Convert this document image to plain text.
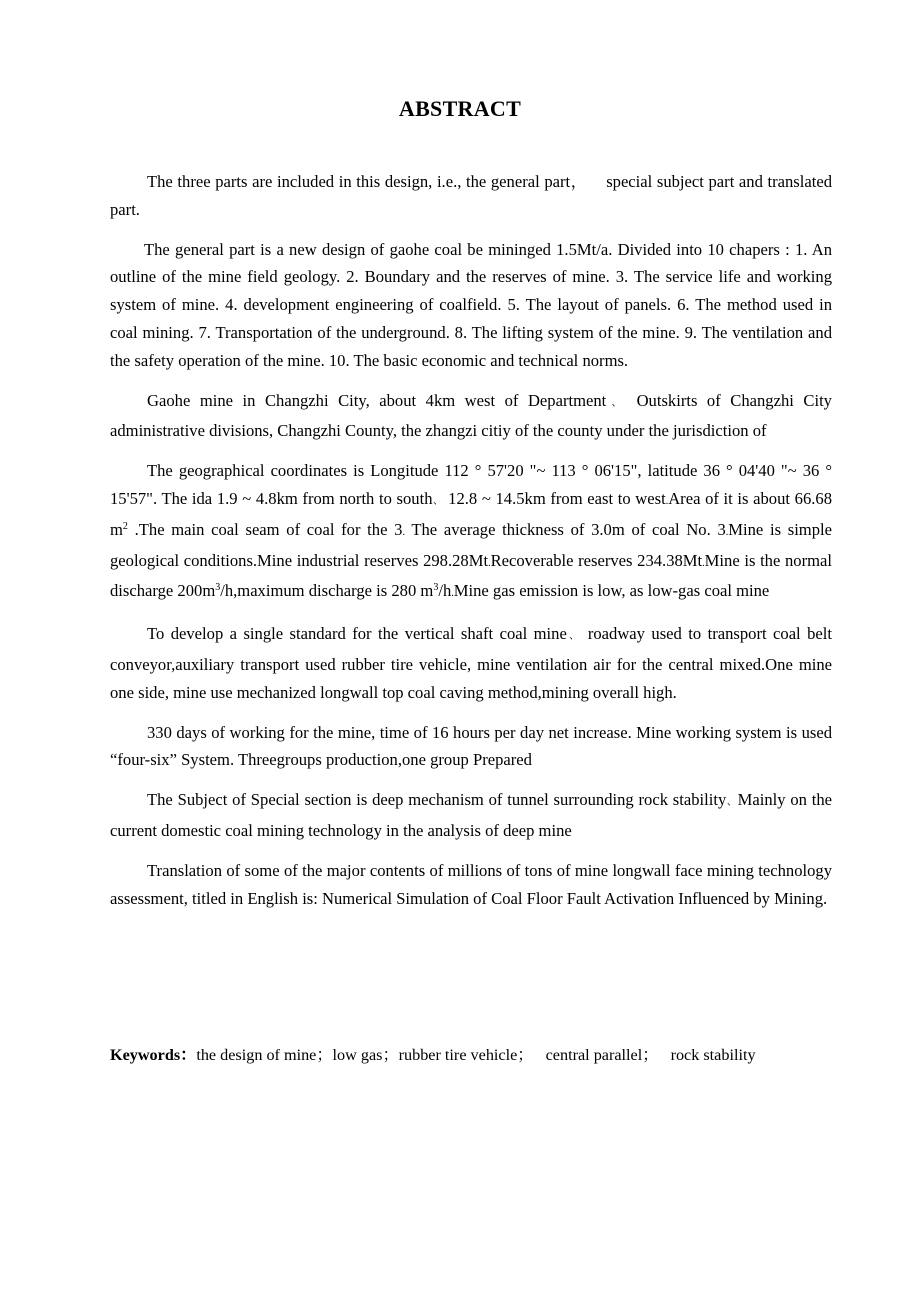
ABSTRACT

The three parts are included in this design, i.e., the general part， special subject part and translated part.

The general part is a new design of gaohe coal be mininged 1.5Mt/a. Divided into 10 chapers : 1. An outline of the mine field geology. 2. Boundary and the reserves of mine. 3. The service life and working system of mine. 4. development engineering of coalfield. 5. The layout of panels. 6. The method used in coal mining. 7. Transportation of the underground. 8. The lifting system of the mine. 9. The ventilation and the safety operation of the mine. 10. The basic economic and technical norms.

Gaohe mine in Changzhi City, about 4km west of Department、 Outskirts of Changzhi City administrative divisions, Changzhi County, the zhangzi citiy of the county under the jurisdiction of

The geographical coordinates is Longitude 112 ° 57'20 "~ 113 ° 06'15", latitude 36 ° 04'40 "~ 36 ° 15'57". The ida 1.9 ~ 4.8km from north to south、 12.8 ~ 14.5km from east to west.Area of it is about 66.68 $m^2$ .The main coal seam of coal for the 3. The average thickness of 3.0m of coal No. 3.Mine is simple geological conditions.Mine industrial reserves 298.28Mt.Recoverable reserves 234.38Mt.Mine is the normal discharge $200m^3/h,maximum$ discharge is 280 $m^3/h.Mine$ gas emission is low, as low-gas coal mine

To develop a single standard for the vertical shaft coal mine、 roadway used to transport coal belt conveyor,auxiliary transport used rubber tire vehicle, mine ventilation air for the central mixed.One mine one side, mine use mechanized longwall top coal caving method,mining overall high.

330 days of working for the mine, time of 16 hours per day net increase. Mine working system is used “four-six” System. Threegroups production,one group Prepared

The Subject of Special section is deep mechanism of tunnel surrounding rock stability、Mainly on the current domestic coal mining technology in the analysis of deep mine

Translation of some of the major contents of millions of tons of mine longwall face mining technology assessment, titled in English is: Numerical Simulation of Coal Floor Fault Activation Influenced by Mining.

Keywords：the design of mine；low gas；rubber tire vehicle； central parallel； rock stability
